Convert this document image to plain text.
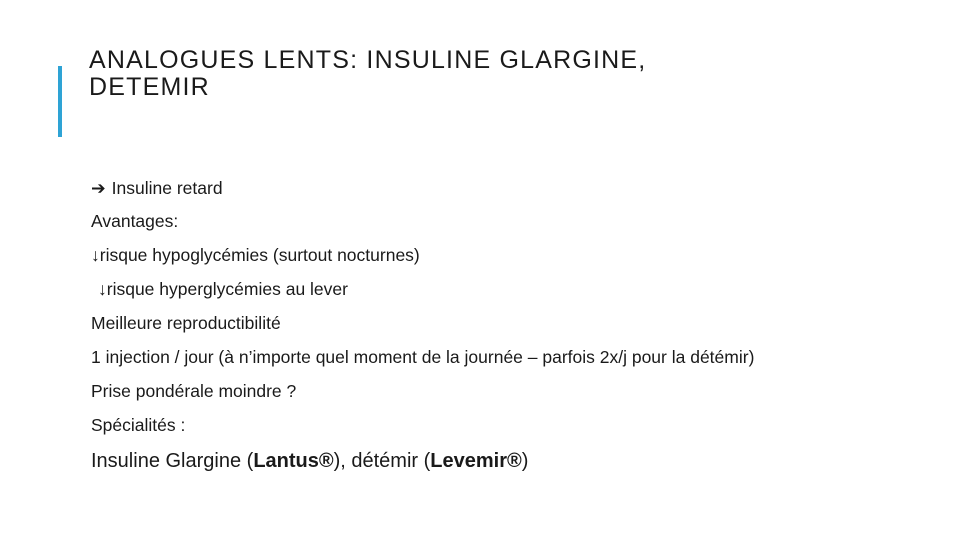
ANALOGUES LENTS: INSULINE GLARGINE,
DETEMIR
➔ Insuline retard
Avantages:
↓risque hypoglycémies (surtout nocturnes)
↓risque hyperglycémies au lever
Meilleure reproductibilité
1 injection / jour (à n’importe quel moment de la journée – parfois 2x/j pour la détémir)
Prise pondérale moindre ?
Spécialités :
Insuline Glargine (Lantus®), détémir (Levemir®)
